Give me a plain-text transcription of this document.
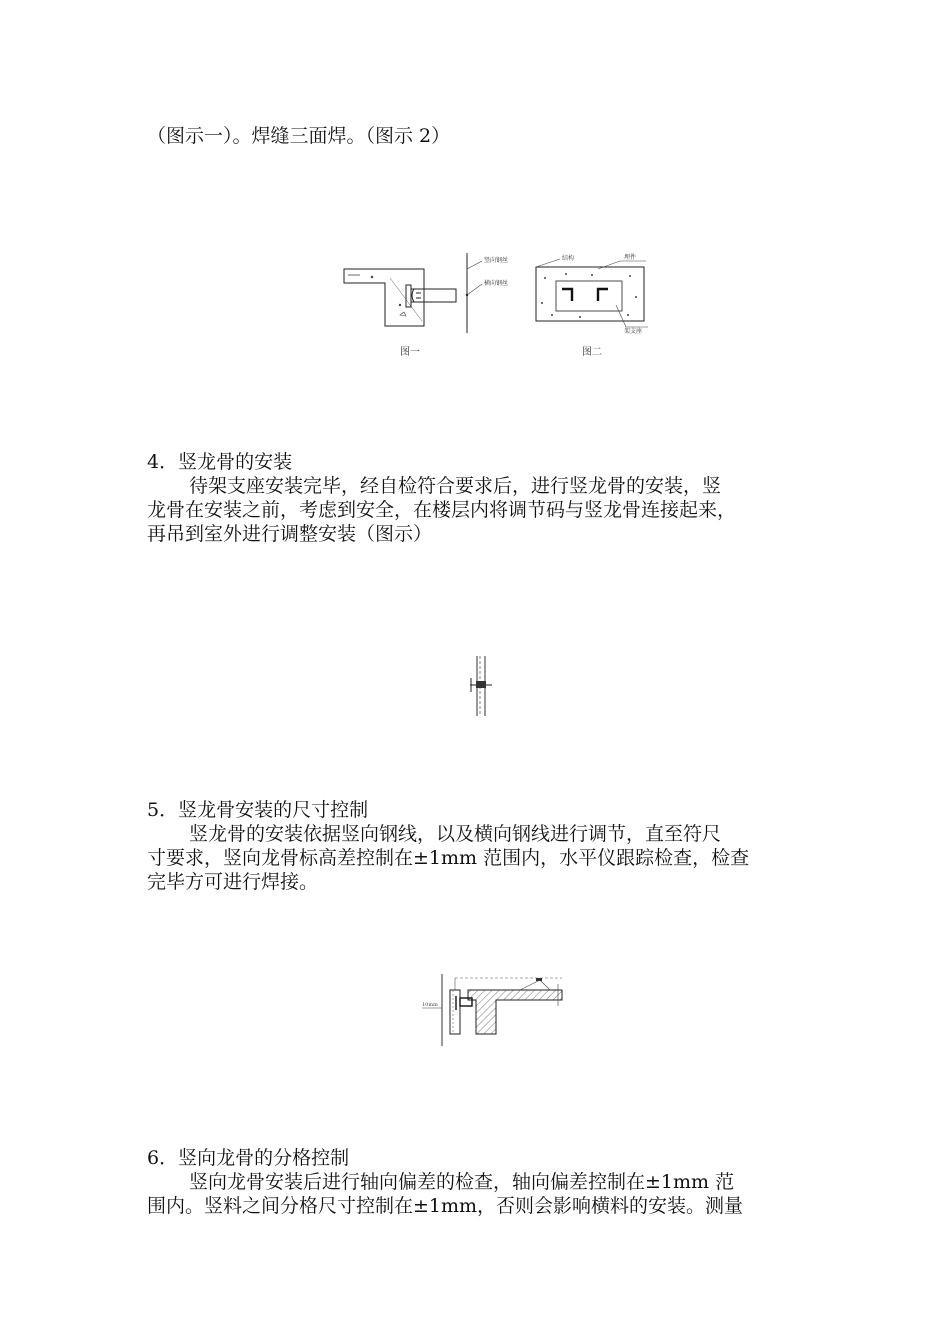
（图示一）。焊缝三面焊。（图示 2）
竖向钢丝
横向钢丝
结构	埋件
架支座
图一	图二
4．竖龙骨的安装
待架支座安装完毕，经自检符合要求后，进行竖龙骨的安装，竖
龙骨在安装之前，考虑到安全，在楼层内将调节码与竖龙骨连接起来，
再吊到室外进行调整安装（图示）
5．竖龙骨安装的尺寸控制
竖龙骨的安装依据竖向钢线，以及横向钢线进行调节，直至符尺
寸要求，竖向龙骨标高差控制在±1mm 范围内，水平仪跟踪检查，检查
完毕方可进行焊接。
10mm
6．竖向龙骨的分格控制
竖向龙骨安装后进行轴向偏差的检查，轴向偏差控制在±1mm 范
围内。竖料之间分格尺寸控制在±1mm，否则会影响横料的安装。测量
